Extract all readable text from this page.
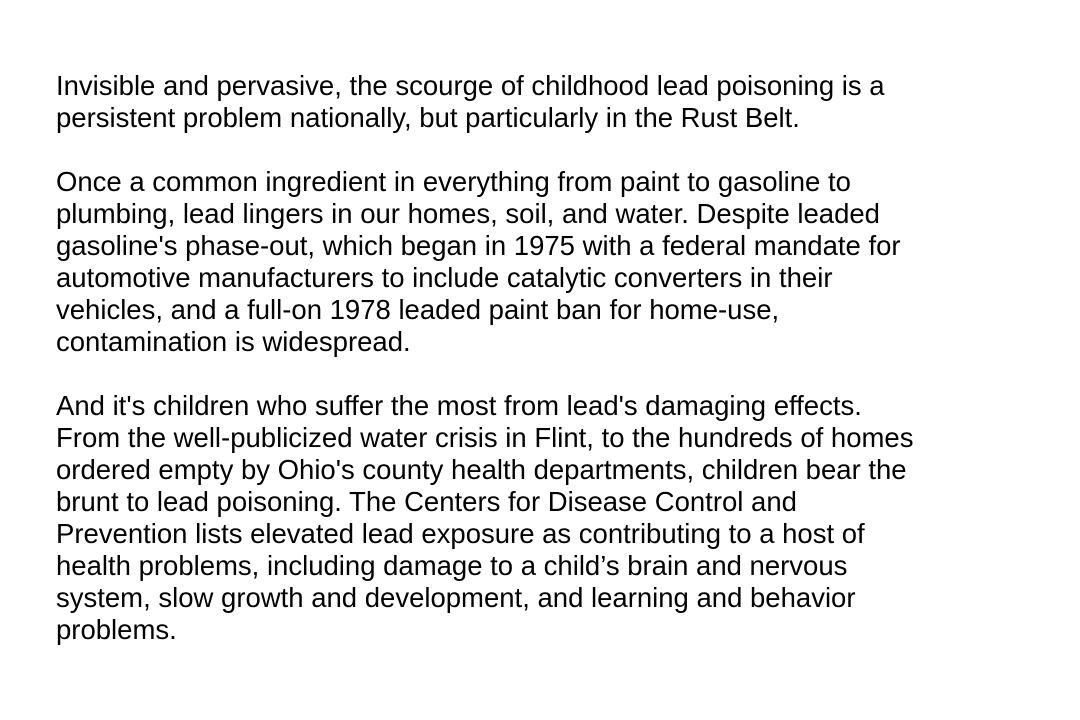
Invisible and pervasive, the scourge of childhood lead poisoning is a
persistent problem nationally, but particularly in the Rust Belt.

Once a common ingredient in everything from paint to gasoline to
plumbing, lead lingers in our homes, soil, and water. Despite leaded
gasoline's phase-out, which began in 1975 with a federal mandate for
automotive manufacturers to include catalytic converters in their
vehicles, and a full-on 1978 leaded paint ban for home-use,
contamination is widespread.

And it's children who suffer the most from lead's damaging effects.
From the well-publicized water crisis in Flint, to the hundreds of homes
ordered empty by Ohio's county health departments, children bear the
brunt to lead poisoning. The Centers for Disease Control and
Prevention lists elevated lead exposure as contributing to a host of
health problems, including damage to a child’s brain and nervous
system, slow growth and development, and learning and behavior
problems.
